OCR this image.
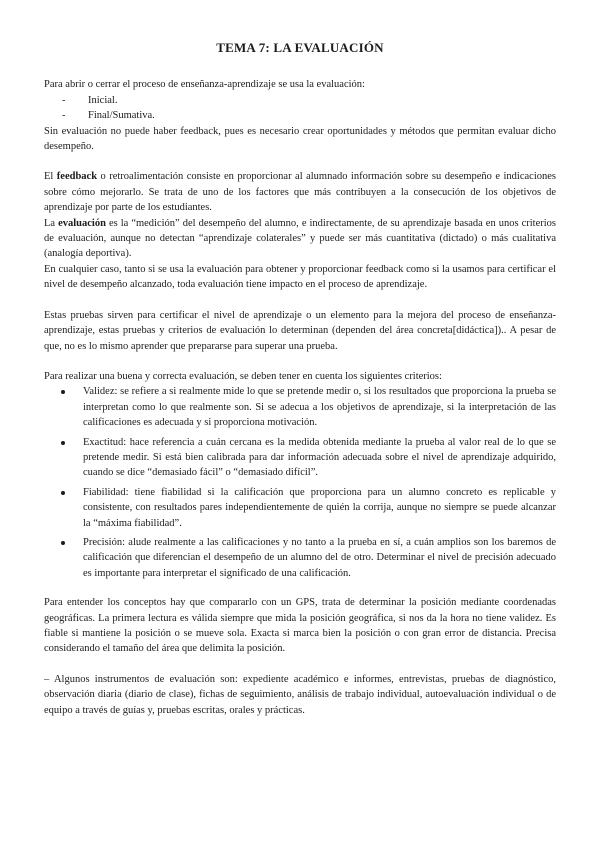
TEMA 7: LA EVALUACIÓN

Para abrir o cerrar el proceso de enseñanza-aprendizaje se usa la evaluación:

- Inicial.
- Final/Sumativa.

Sin evaluación no puede haber feedback, pues es necesario crear oportunidades y métodos que permitan evaluar dicho desempeño.

El feedback o retroalimentación consiste en proporcionar al alumnado información sobre su desempeño e indicaciones sobre cómo mejorarlo. Se trata de uno de los factores que más contribuyen a la consecución de los objetivos de aprendizaje por parte de los estudiantes.

La evaluación es la “medición” del desempeño del alumno, e indirectamente, de su aprendizaje basada en unos criterios de evaluación, aunque no detectan “aprendizaje colaterales” y puede ser más cuantitativa (dictado) o más cualitativa (analogía deportiva).

En cualquier caso, tanto si se usa la evaluación para obtener y proporcionar feedback como si la usamos para certificar el nivel de desempeño alcanzado, toda evaluación tiene impacto en el proceso de aprendizaje.

Estas pruebas sirven para certificar el nivel de aprendizaje o un elemento para la mejora del proceso de enseñanza-aprendizaje, estas pruebas y criterios de evaluación lo determinan (dependen del área concreta[didáctica]).. A pesar de que, no es lo mismo aprender que prepararse para superar una prueba.

Para realizar una buena y correcta evaluación, se deben tener en cuenta los siguientes criterios:

Validez: se refiere a si realmente mide lo que se pretende medir o, si los resultados que proporciona la prueba se interpretan como lo que realmente son. Si se adecua a los objetivos de aprendizaje, si la interpretación de las calificaciones es adecuada y si proporciona motivación.
Exactitud: hace referencia a cuán cercana es la medida obtenida mediante la prueba al valor real de lo que se pretende medir. Si está bien calibrada para dar información adecuada sobre el nivel de aprendizaje adquirido, cuando se dice “demasiado fácil” o “demasiado difícil”.
Fiabilidad: tiene fiabilidad si la calificación que proporciona para un alumno concreto es replicable y consistente, con resultados pares independientemente de quién la corrija, aunque no siempre se puede alcanzar la “máxima fiabilidad”.
Precisión: alude realmente a las calificaciones y no tanto a la prueba en sí, a cuán amplios son los baremos de calificación que diferencian el desempeño de un alumno del de otro. Determinar el nivel de precisión adecuado es importante para interpretar el significado de una calificación.

Para entender los conceptos hay que compararlo con un GPS, trata de determinar la posición mediante coordenadas geográficas. La primera lectura es válida siempre que mida la posición geográfica, si nos da la hora no tiene validez. Es fiable si mantiene la posición o se mueve sola. Exacta si marca bien la posición o con gran error de distancia. Precisa considerando el tamaño del área que delimita la posición.

– Algunos instrumentos de evaluación son: expediente académico e informes, entrevistas, pruebas de diagnóstico, observación diaria (diario de clase), fichas de seguimiento, análisis de trabajo individual, autoevaluación individual o de equipo a través de guías y, pruebas escritas, orales y prácticas.
